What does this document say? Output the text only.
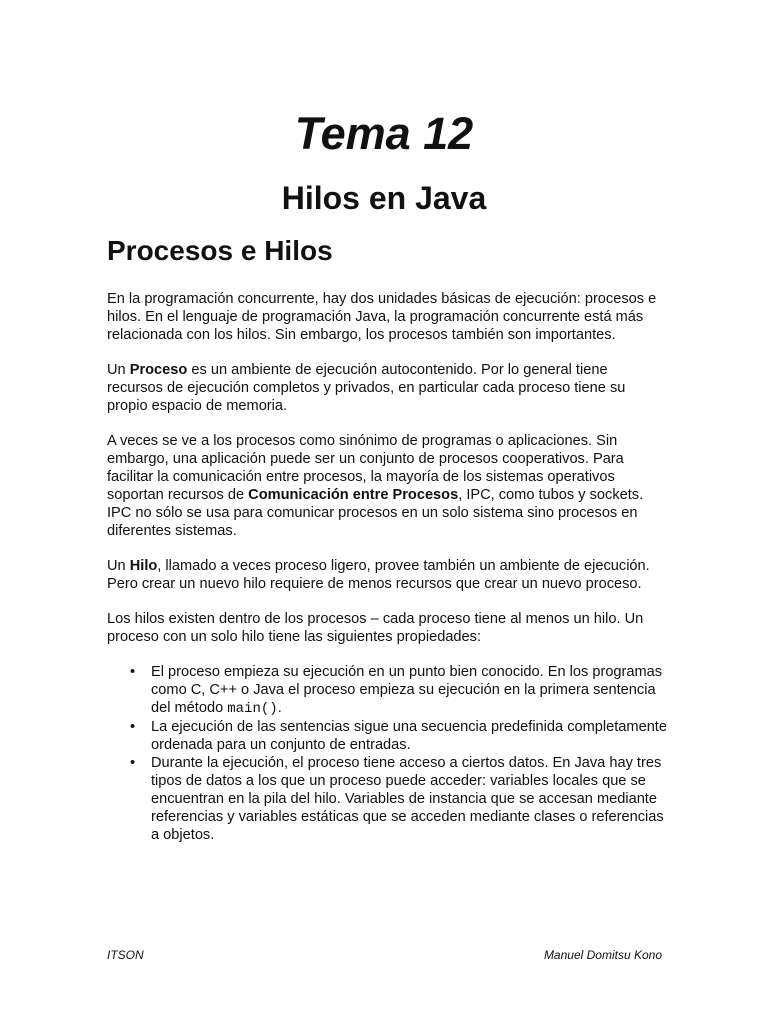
Tema 12
Hilos en Java
Procesos e Hilos

En la programación concurrente, hay dos unidades básicas de ejecución: procesos e hilos. En el lenguaje de programación Java, la programación concurrente está más relacionada con los hilos. Sin embargo, los procesos también son importantes.

Un Proceso es un ambiente de ejecución autocontenido. Por lo general tiene recursos de ejecución completos y privados, en particular cada proceso tiene su propio espacio de memoria.

A veces se ve a los procesos como sinónimo de programas o aplicaciones. Sin embargo, una aplicación puede ser un conjunto de procesos cooperativos. Para facilitar la comunicación entre procesos, la mayoría de los sistemas operativos soportan recursos de Comunicación entre Procesos, IPC, como tubos y sockets. IPC no sólo se usa para comunicar procesos en un solo sistema sino procesos en diferentes sistemas.

Un Hilo, llamado a veces proceso ligero, provee también un ambiente de ejecución. Pero crear un nuevo hilo requiere de menos recursos que crear un nuevo proceso.

Los hilos existen dentro de los procesos – cada proceso tiene al menos un hilo. Un proceso con un solo hilo tiene las siguientes propiedades:

• El proceso empieza su ejecución en un punto bien conocido. En los programas como C, C++ o Java el proceso empieza su ejecución en la primera sentencia del método main().
• La ejecución de las sentencias sigue una secuencia predefinida completamente ordenada para un conjunto de entradas.
• Durante la ejecución, el proceso tiene acceso a ciertos datos. En Java hay tres tipos de datos a los que un proceso puede acceder: variables locales que se encuentran en la pila del hilo. Variables de instancia que se accesan mediante referencias y variables estáticas que se acceden mediante clases o referencias a objetos.
ITSON	Manuel Domitsu Kono
